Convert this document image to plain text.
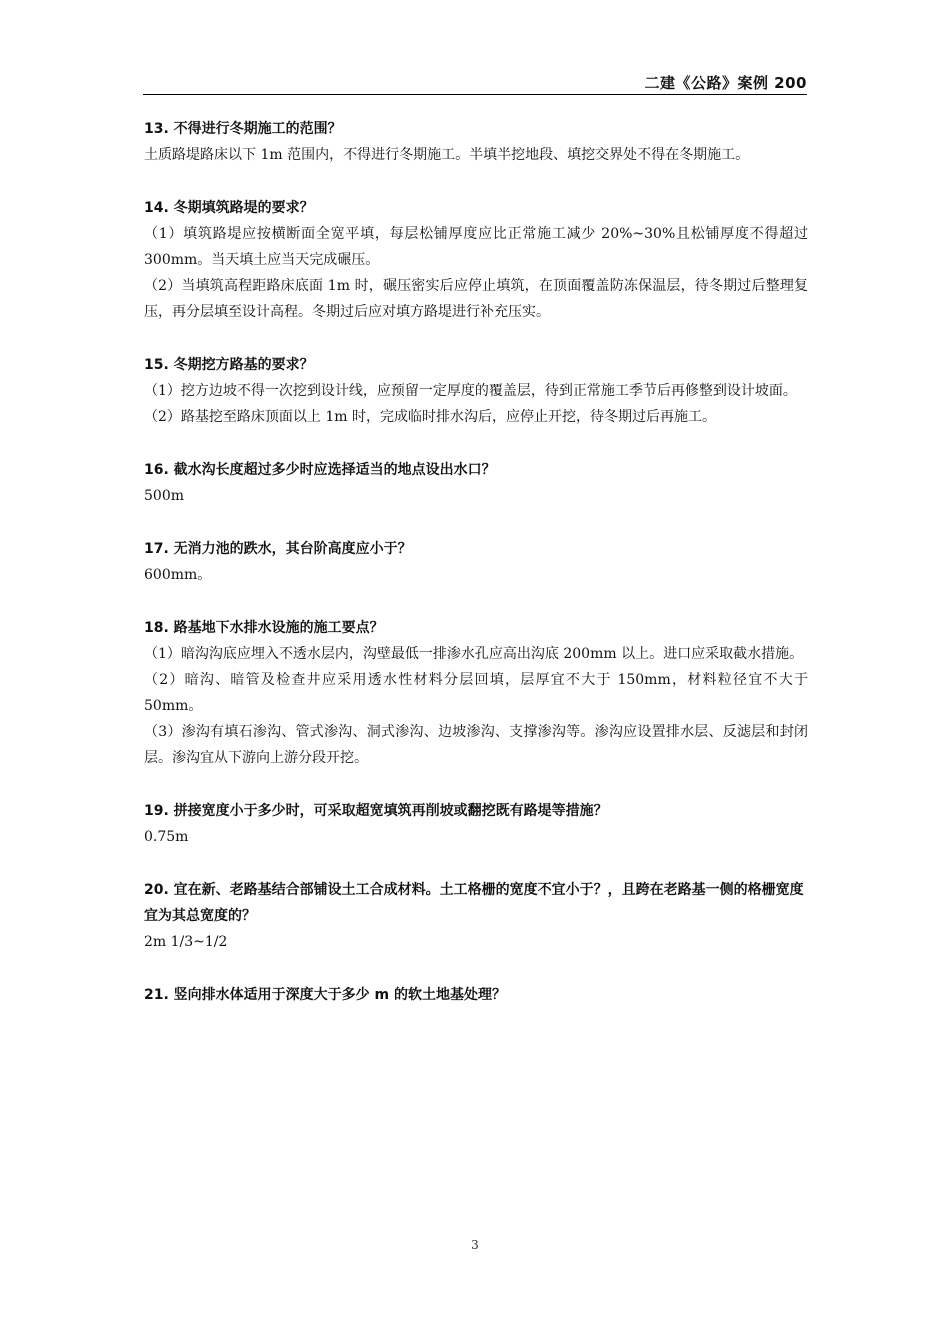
二建《公路》案例 200

13. 不得进行冬期施工的范围？

土质路堤路床以下 1m 范围内，不得进行冬期施工。半填半挖地段、填挖交界处不得在冬期施工。

14. 冬期填筑路堤的要求？

（1）填筑路堤应按横断面全宽平填，每层松铺厚度应比正常施工减少 20%~30%且松铺厚度不得超过 300mm。当天填土应当天完成碾压。

（2）当填筑高程距路床底面 1m 时，碾压密实后应停止填筑，在顶面覆盖防冻保温层，待冬期过后整理复压，再分层填至设计高程。冬期过后应对填方路堤进行补充压实。

15. 冬期挖方路基的要求？

（1）挖方边坡不得一次挖到设计线，应预留一定厚度的覆盖层，待到正常施工季节后再修整到设计坡面。

（2）路基挖至路床顶面以上 1m 时，完成临时排水沟后，应停止开挖，待冬期过后再施工。

16. 截水沟长度超过多少时应选择适当的地点设出水口？

500m

17. 无消力池的跌水，其台阶高度应小于？

600mm。

18. 路基地下水排水设施的施工要点？

（1）暗沟沟底应埋入不透水层内，沟壁最低一排渗水孔应高出沟底 200mm 以上。进口应采取截水措施。

（2）暗沟、暗管及检查井应采用透水性材料分层回填，层厚宜不大于 150mm，材料粒径宜不大于 50mm。

（3）渗沟有填石渗沟、管式渗沟、洞式渗沟、边坡渗沟、支撑渗沟等。渗沟应设置排水层、反滤层和封闭层。渗沟宜从下游向上游分段开挖。

19. 拼接宽度小于多少时，可采取超宽填筑再削坡或翻挖既有路堤等措施？

0.75m

20. 宜在新、老路基结合部铺设土工合成材料。土工格栅的宽度不宜小于？，且跨在老路基一侧的格栅宽度宜为其总宽度的？

2m 1/3~1/2

21. 竖向排水体适用于深度大于多少 m 的软土地基处理？

3
